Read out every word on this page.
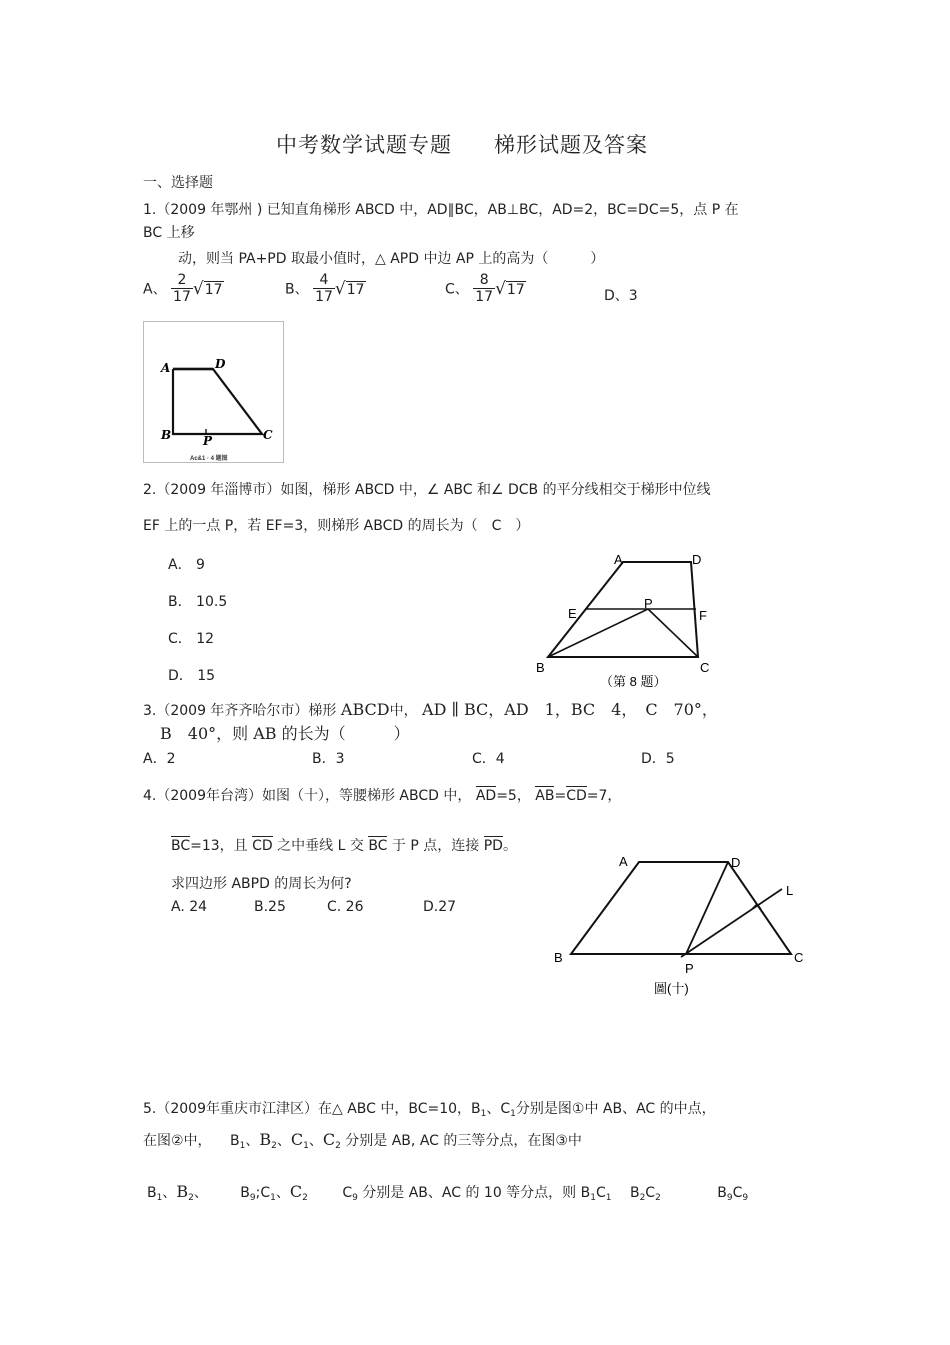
中考数学试题专题 梯形试题及答案
一、选择题
1.（2009 年鄂州 ) 已知直角梯形 ABCD 中，AD∥BC，AB⊥BC，AD=2，BC=DC=5，点 P 在
BC 上移
动，则当 PA+PD 取最小值时，△ APD 中边 AP 上的高为（　　　）
A、 $\frac{2}{17} √17$	B、 $\frac{4}{17} √17$	C、 $\frac{8}{17} √17$	D、3
A	D
B	C
P
Ac&1 · 4 题图
2.（2009 年淄博市）如图，梯形 ABCD 中，∠ ABC 和∠ DCB 的平分线相交于梯形中位线
EF 上的一点 P，若 EF=3，则梯形 ABCD 的周长为（　C　）
A． 9
B． 10.5
C． 12
D． 15
A	D
E
P
F
B	C
（第 8 题）
3.（2009 年齐齐哈尔市）梯形 ABCD中， AD ∥ BC，AD　1，BC　4，　C　70°，
B　40°，则 AB 的长为（　　　）
A．2	B．3	C．4	D．5
4.（2009年台湾）如图（十），等腰梯形 ABCD 中， AD=5， AB=CD=7，
BC=13，且 CD 之中垂线 L 交 BC 于 P 点，连接 PD。
求四边形 ABPD 的周长为何?
A. 24	B.25	C. 26	D.27
A	D
L
B
P
C
圖(十)
5.（2009年重庆市江津区）在△ ABC 中，BC=10，$B_1$、$C_1$分别是图①中 AB、AC 的中点，
在图②中， $B_1$、$B_2$、$C_1$、$C_2$ 分别是 AB, AC 的三等分点，在图③中
$B_1$、$B_2$、 $B_9;C_1$、$C_2$ $C_9$ 分别是 AB、AC 的 10 等分点，则 $B_1C_1$ $B_2C_2$	$B_9C_9$
